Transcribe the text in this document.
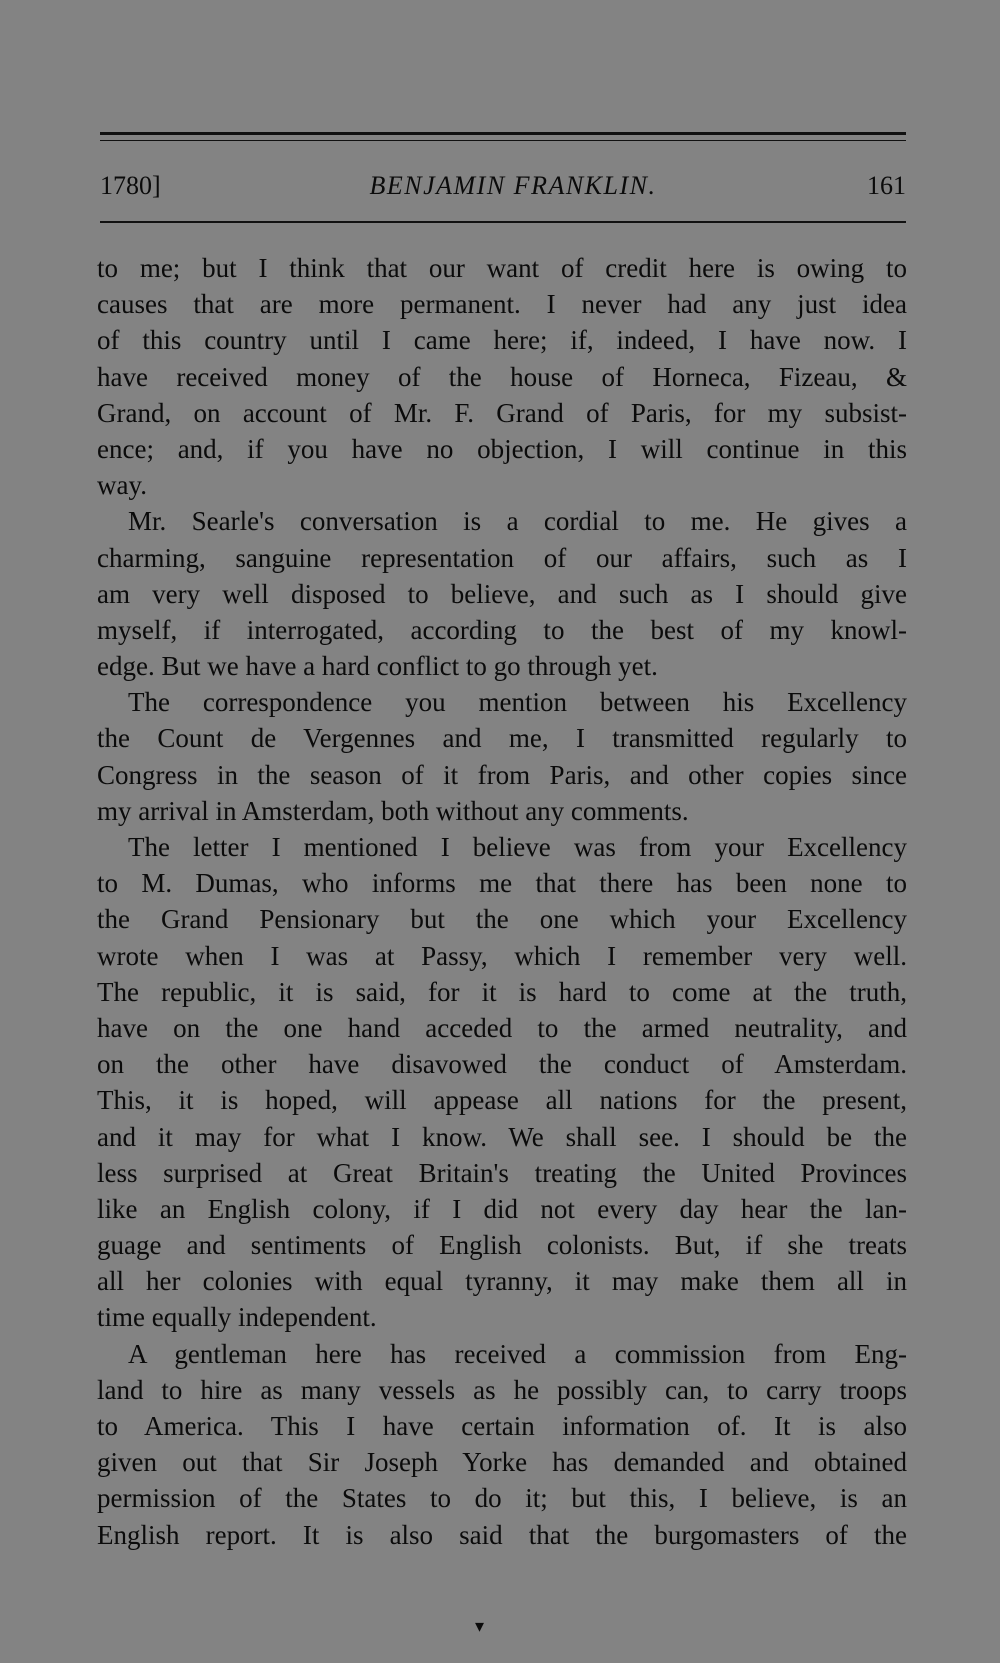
1780]	BENJAMIN FRANKLIN.	161
to me; but I think that our want of credit here is owing to
causes that are more permanent. I never had any just idea
of this country until I came here; if, indeed, I have now. I
have received money of the house of Horneca, Fizeau, &
Grand, on account of Mr. F. Grand of Paris, for my subsist-
ence; and, if you have no objection, I will continue in this
way.
Mr. Searle's conversation is a cordial to me. He gives a
charming, sanguine representation of our affairs, such as I
am very well disposed to believe, and such as I should give
myself, if interrogated, according to the best of my knowl-
edge. But we have a hard conflict to go through yet.
The correspondence you mention between his Excellency
the Count de Vergennes and me, I transmitted regularly to
Congress in the season of it from Paris, and other copies since
my arrival in Amsterdam, both without any comments.
The letter I mentioned I believe was from your Excellency
to M. Dumas, who informs me that there has been none to
the Grand Pensionary but the one which your Excellency
wrote when I was at Passy, which I remember very well.
The republic, it is said, for it is hard to come at the truth,
have on the one hand acceded to the armed neutrality, and
on the other have disavowed the conduct of Amsterdam.
This, it is hoped, will appease all nations for the present,
and it may for what I know. We shall see. I should be the
less surprised at Great Britain's treating the United Provinces
like an English colony, if I did not every day hear the lan-
guage and sentiments of English colonists. But, if she treats
all her colonies with equal tyranny, it may make them all in
time equally independent.
A gentleman here has received a commission from Eng-
land to hire as many vessels as he possibly can, to carry troops
to America. This I have certain information of. It is also
given out that Sir Joseph Yorke has demanded and obtained
permission of the States to do it; but this, I believe, is an
English report. It is also said that the burgomasters of the
▾
